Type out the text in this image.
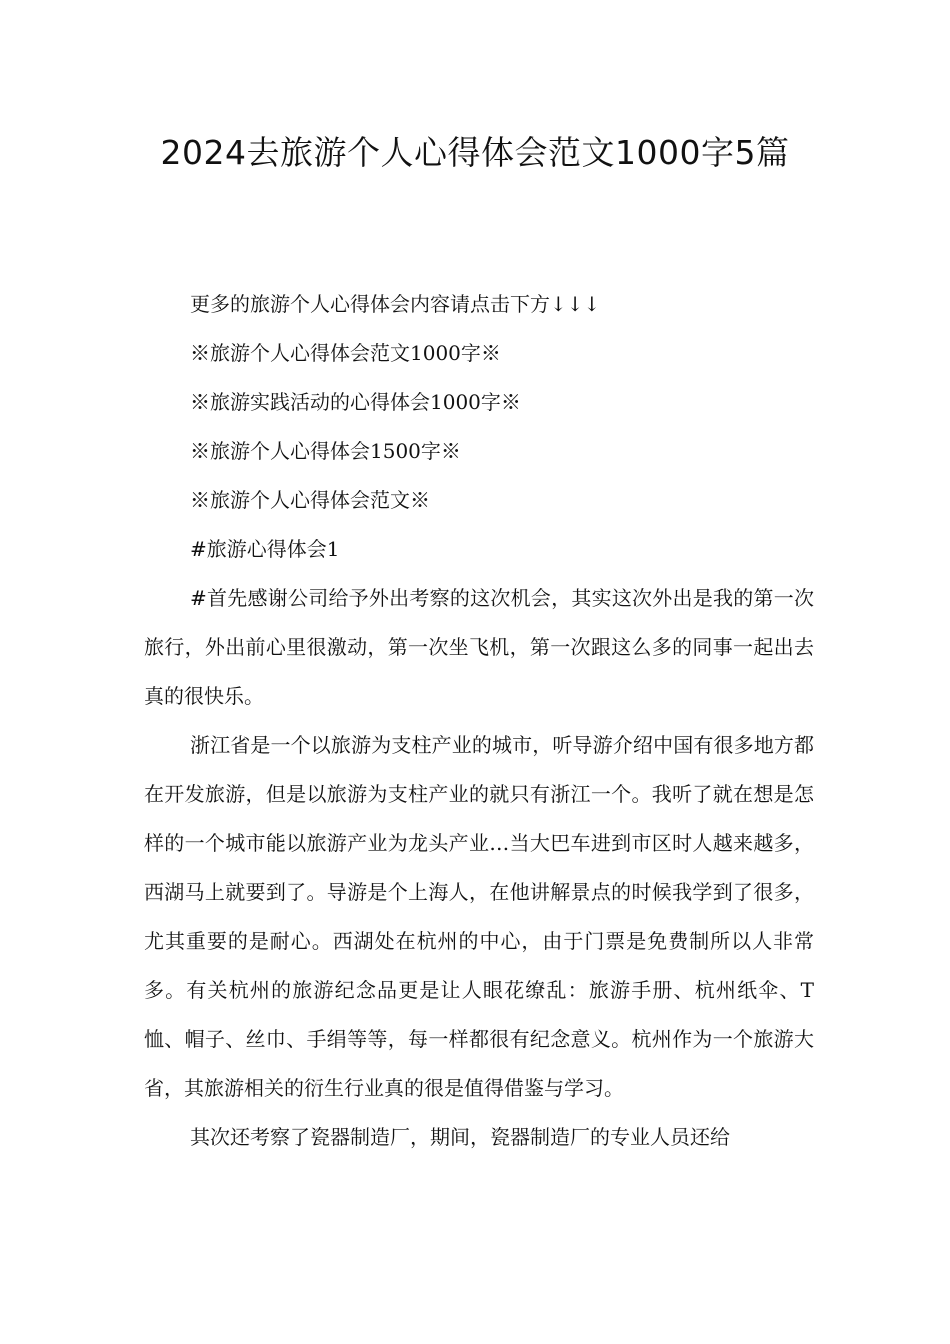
2024去旅游个人心得体会范文1000字5篇

更多的旅游个人心得体会内容请点击下方↓↓↓

※旅游个人心得体会范文1000字※

※旅游实践活动的心得体会1000字※

※旅游个人心得体会1500字※

※旅游个人心得体会范文※

#旅游心得体会1

#首先感谢公司给予外出考察的这次机会，其实这次外出是我的第一次旅行，外出前心里很激动，第一次坐飞机，第一次跟这么多的同事一起出去真的很快乐。

浙江省是一个以旅游为支柱产业的城市，听导游介绍中国有很多地方都在开发旅游，但是以旅游为支柱产业的就只有浙江一个。我听了就在想是怎样的一个城市能以旅游产业为龙头产业…当大巴车进到市区时人越来越多，西湖马上就要到了。导游是个上海人，在他讲解景点的时候我学到了很多，尤其重要的是耐心。西湖处在杭州的中心，由于门票是免费制所以人非常多。有关杭州的旅游纪念品更是让人眼花缭乱：旅游手册、杭州纸伞、T恤、帽子、丝巾、手绢等等，每一样都很有纪念意义。杭州作为一个旅游大省，其旅游相关的衍生行业真的很是值得借鉴与学习。

其次还考察了瓷器制造厂，期间，瓷器制造厂的专业人员还给
